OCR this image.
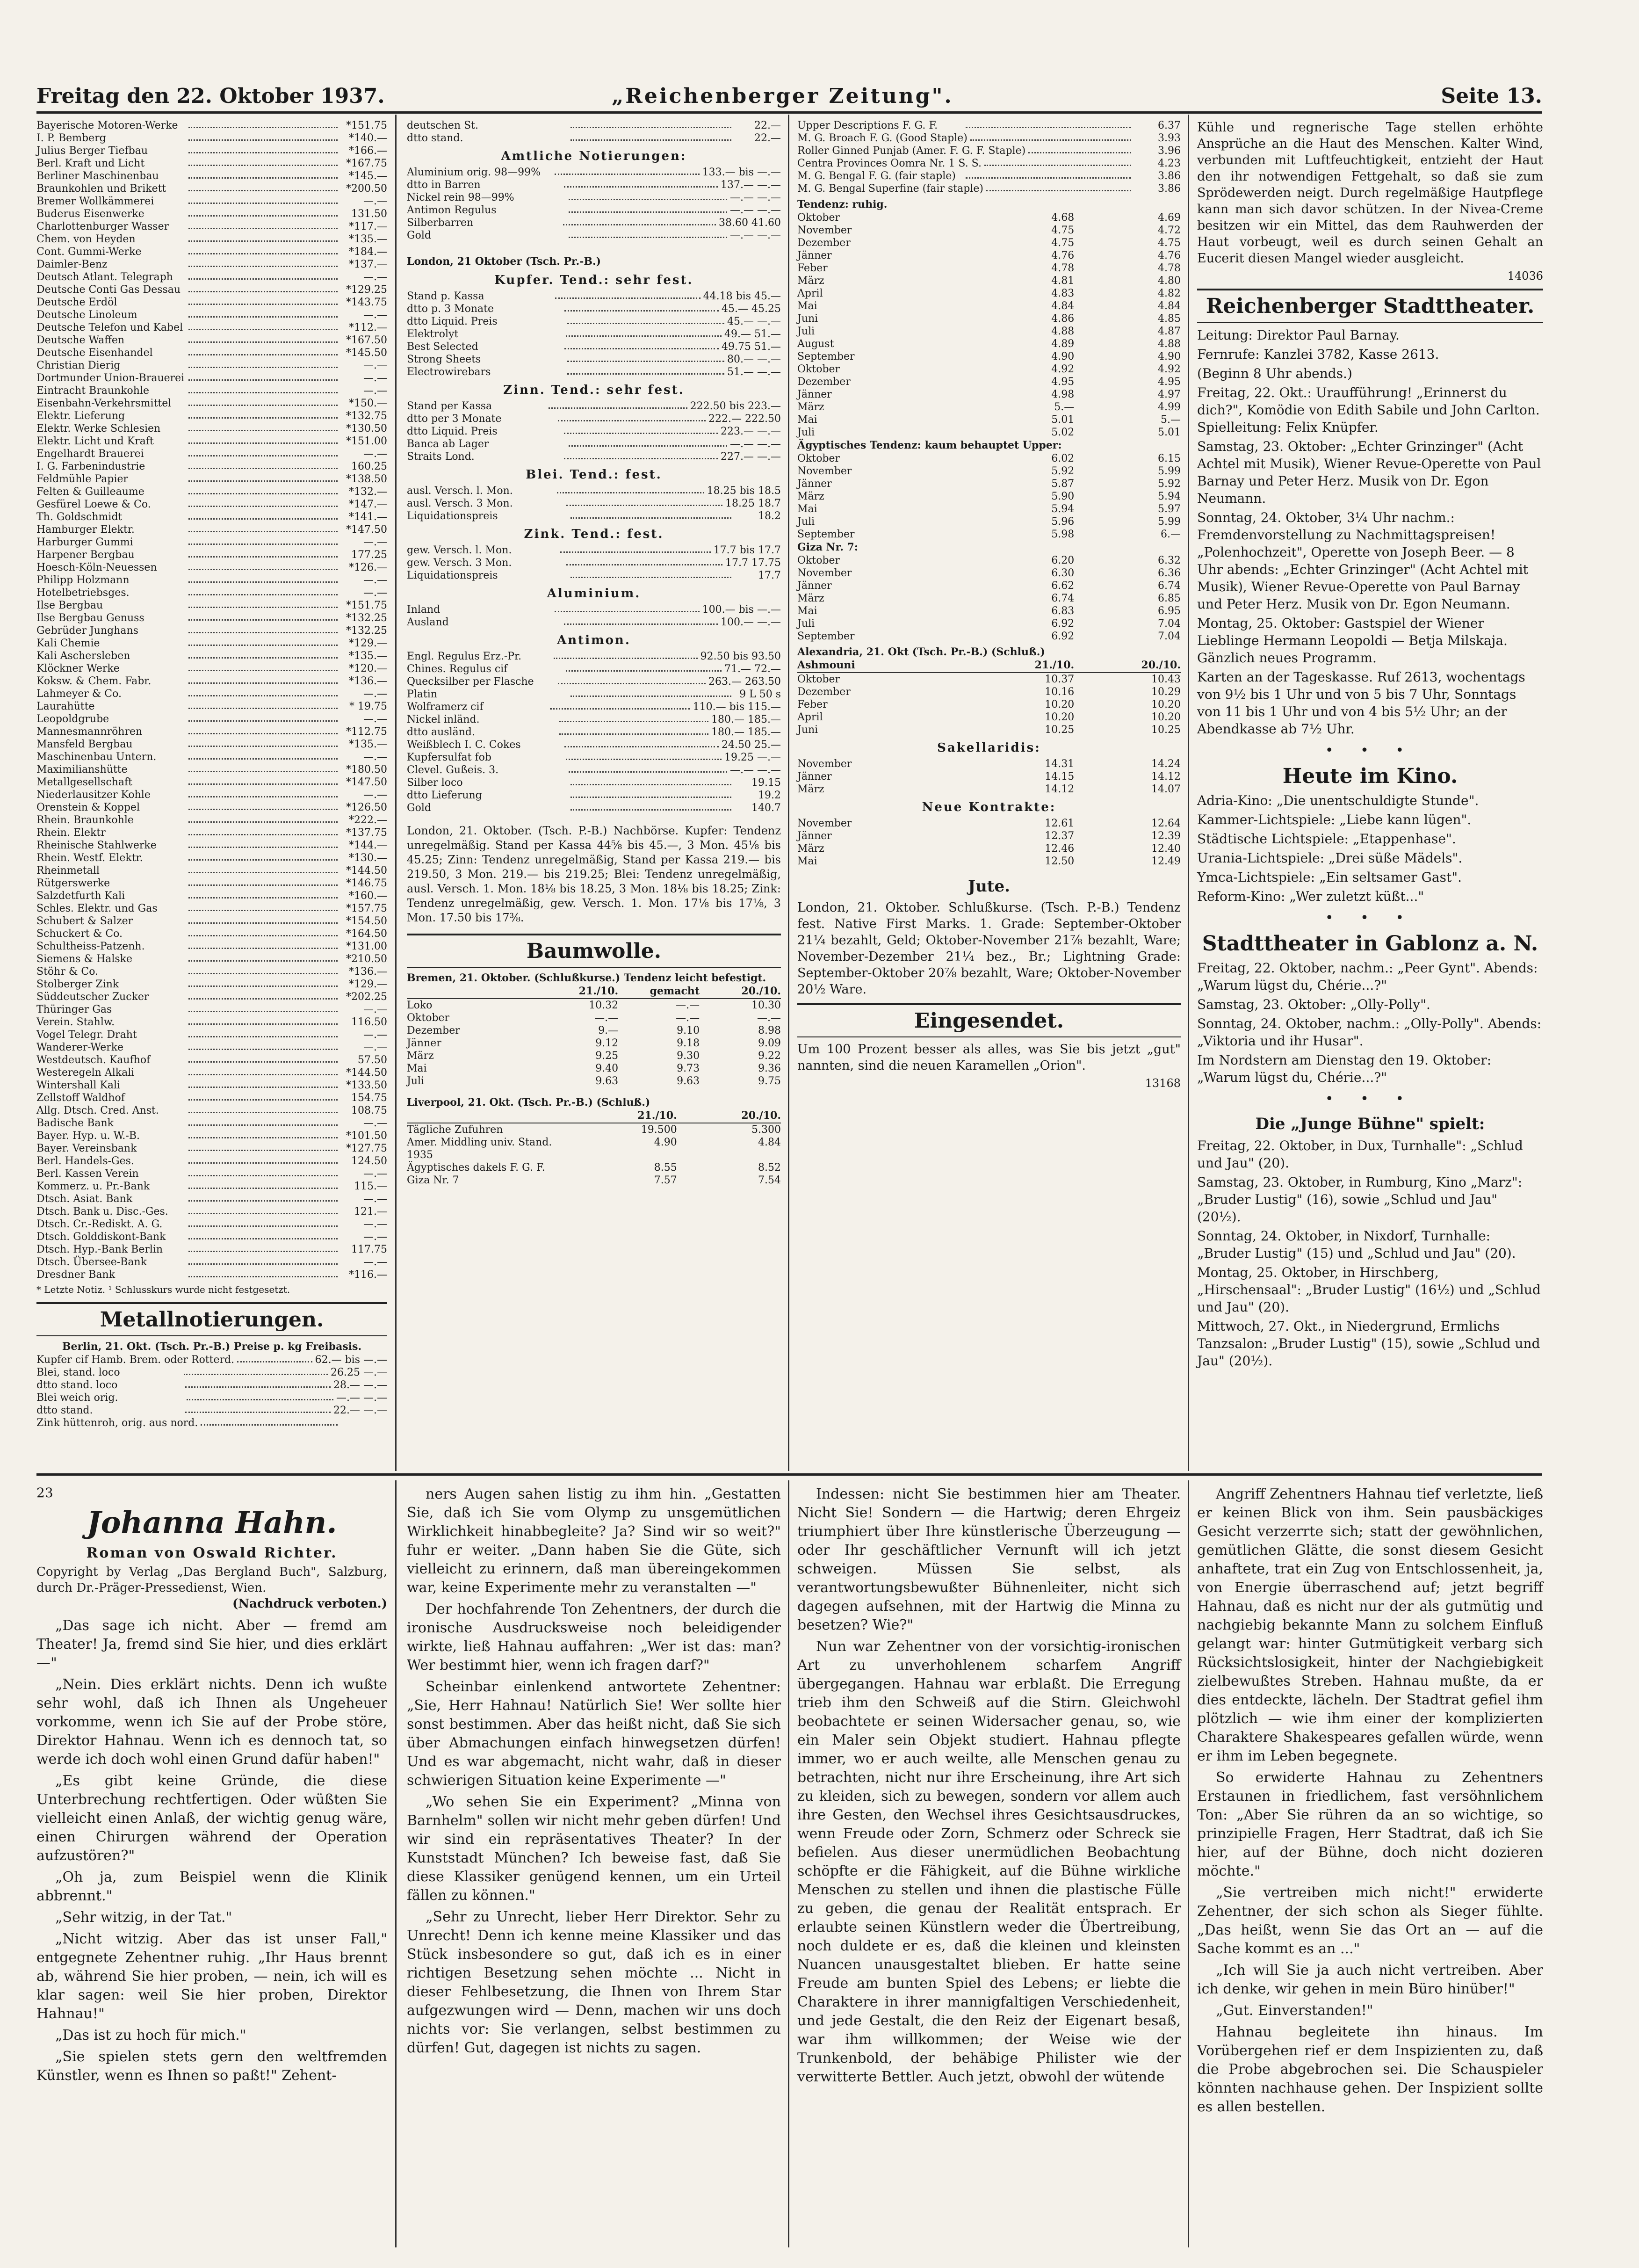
Freitag den 22. Oktober 1937.	„Reichenberger Zeitung".	Seite 13.
Bayerische Motoren-Werke	*151.75
I. P. Bemberg	*140.—
Julius Berger Tiefbau	*166.—
Berl. Kraft und Licht	*167.75
Berliner Maschinenbau	*145.—
Braunkohlen und Brikett	*200.50
Bremer Wollkämmerei	—.—
Buderus Eisenwerke	131.50
Charlottenburger Wasser	*117.—
Chem. von Heyden	*135.—
Cont. Gummi-Werke	*184.—
Daimler-Benz	*137.—
Deutsch Atlant. Telegraph	—.—
Deutsche Conti Gas Dessau	*129.25
Deutsche Erdöl	*143.75
Deutsche Linoleum	—.—
Deutsche Telefon und Kabel	*112.—
Deutsche Waffen	*167.50
Deutsche Eisenhandel	*145.50
Christian Dierig	—.—
Dortmunder Union-Brauerei	—.—
Eintracht Braunkohle	—.—
Eisenbahn-Verkehrsmittel	*150.—
Elektr. Lieferung	*132.75
Elektr. Werke Schlesien	*130.50
Elektr. Licht und Kraft	*151.00
Engelhardt Brauerei	—.—
I. G. Farbenindustrie	160.25
Feldmühle Papier	*138.50
Felten & Guilleaume	*132.—
Gesfürel Loewe & Co.	*147.—
Th. Goldschmidt	*141.—
Hamburger Elektr.	*147.50
Harburger Gummi	—.—
Harpener Bergbau	177.25
Hoesch-Köln-Neuessen	*126.—
Philipp Holzmann	—.—
Hotelbetriebsges.	—.—
Ilse Bergbau	*151.75
Ilse Bergbau Genuss	*132.25
Gebrüder Junghans	*132.25
Kali Chemie	*129.—
Kali Aschersleben	*135.—
Klöckner Werke	*120.—
Koksw. & Chem. Fabr.	*136.—
Lahmeyer & Co.	—.—
Laurahütte	* 19.75
Leopoldgrube	—.—
Mannesmannröhren	*112.75
Mansfeld Bergbau	*135.—
Maschinenbau Untern.	—.—
Maximilianshütte	*180.50
Metallgesellschaft	*147.50
Niederlausitzer Kohle	—.—
Orenstein & Koppel	*126.50
Rhein. Braunkohle	*222.—
Rhein. Elektr	*137.75
Rheinische Stahlwerke	*144.—
Rhein. Westf. Elektr.	*130.—
Rheinmetall	*144.50
Rütgerswerke	*146.75
Salzdetfurth Kali	*160.—
Schles. Elektr. und Gas	*157.75
Schubert & Salzer	*154.50
Schuckert & Co.	*164.50
Schultheiss-Patzenh.	*131.00
Siemens & Halske	*210.50
Stöhr & Co.	*136.—
Stolberger Zink	*129.—
Süddeutscher Zucker	*202.25
Thüringer Gas	—.—
Verein. Stahlw.	116.50
Vogel Telegr. Draht	—.—
Wanderer-Werke	—.—
Westdeutsch. Kaufhof	57.50
Westeregeln Alkali	*144.50
Wintershall Kali	*133.50
Zellstoff Waldhof	154.75
Allg. Dtsch. Cred. Anst.	108.75
Badische Bank	—.—
Bayer. Hyp. u. W.-B.	*101.50
Bayer. Vereinsbank	*127.75
Berl. Handels-Ges.	124.50
Berl. Kassen Verein	—.—
Kommerz. u. Pr.-Bank	115.—
Dtsch. Asiat. Bank	—.—
Dtsch. Bank u. Disc.-Ges.	121.—
Dtsch. Cr.-Rediskt. A. G.	—.—
Dtsch. Golddiskont-Bank	—.—
Dtsch. Hyp.-Bank Berlin	117.75
Dtsch. Übersee-Bank	—.—
Dresdner Bank	*116.—
* Letzte Notiz. ¹ Schlusskurs wurde nicht festgesetzt.
Metallnotierungen.
Berlin, 21. Okt. (Tsch. Pr.-B.) Preise p. kg Freibasis.
Kupfer cif Hamb. Brem. oder Rotterd.	62.— bis —.—
Blei, stand. loco	26.25 —.—
dtto stand. loco	28.— —.—
Blei weich orig.	—.— —.—
dtto stand.	22.— —.—
Zink hüttenroh, orig. aus nord.
deutschen St.	22.—
dtto stand.	22.—
Amtliche Notierungen:
Aluminium orig. 98—99%	133.— bis —.—
dtto in Barren	137.— —.—
Nickel rein 98—99%	—.— —.—
Antimon Regulus	—.— —.—
Silberbarren	38.60 41.60
Gold	—.— —.—
London, 21 Oktober (Tsch. Pr.-B.)
Kupfer. Tend.: sehr fest.
Stand p. Kassa	44.18 bis 45.—
dtto p. 3 Monate	45.— 45.25
dtto Liquid. Preis	45.— —.—
Elektrolyt	49.— 51.—
Best Selected	49.75 51.—
Strong Sheets	80.— —.—
Electrowirebars	51.— —.—
Zinn. Tend.: sehr fest.
Stand per Kassa	222.50 bis 223.—
dtto per 3 Monate	222.— 222.50
dtto Liquid. Preis	223.— —.—
Banca ab Lager	—.— —.—
Straits Lond.	227.— —.—
Blei. Tend.: fest.
ausl. Versch. l. Mon.	18.25 bis 18.5
ausl. Versch. 3 Mon.	18.25 18.7
Liquidationspreis	18.2
Zink. Tend.: fest.
gew. Versch. l. Mon.	17.7 bis 17.7
gew. Versch. 3 Mon.	17.7 17.75
Liquidationspreis	17.7
Aluminium.
Inland	100.— bis —.—
Ausland	100.— —.—
Antimon.
Engl. Regulus Erz.-Pr.	92.50 bis 93.50
Chines. Regulus cif	71.— 72.—
Quecksilber per Flasche	263.— 263.50
Platin	9 L 50 s
Wolframerz cif	110.— bis 115.—
Nickel inländ.	180.— 185.—
dtto ausländ.	180.— 185.—
Weißblech I. C. Cokes	24.50 25.—
Kupfersulfat fob	19.25 —.—
Clevel. Gußeis. 3.	—.— —.—
Silber loco	19.15
dtto Lieferung	19.2
Gold	140.7
London, 21. Oktober. (Tsch. P.-B.) Nachbörse. Kupfer: Tendenz unregelmäßig. Stand per Kassa 44⅝ bis 45.—, 3 Mon. 45⅛ bis 45.25; Zinn: Tendenz unregelmäßig, Stand per Kassa 219.— bis 219.50, 3 Mon. 219.— bis 219.25; Blei: Tendenz unregelmäßig, ausl. Versch. 1. Mon. 18⅛ bis 18.25, 3 Mon. 18⅛ bis 18.25; Zink: Tendenz unregelmäßig, gew. Versch. 1. Mon. 17⅛ bis 17⅛, 3 Mon. 17.50 bis 17⅜.
Baumwolle.
Bremen, 21. Oktober. (Schlußkurse.) Tendenz leicht befestigt.
21./10.	gemacht	20./10.
Loko	10.32	—.—	10.30
Oktober	—.—	—.—	—.—
Dezember	9.—	9.10	8.98
Jänner	9.12	9.18	9.09
März	9.25	9.30	9.22
Mai	9.40	9.73	9.36
Juli	9.63	9.63	9.75
Liverpool, 21. Okt. (Tsch. Pr.-B.) (Schluß.)
21./10.	20./10.
Tägliche Zufuhren	19.500	5.300
Amer. Middling univ. Stand. 1935
4.90	4.84
Ägyptisches dakels F. G. F.	8.55	8.52
Giza Nr. 7	7.57	7.54
Upper Descriptions F. G. F.	6.37
M. G. Broach F. G. (Good Staple)	3.93
Roller Ginned Punjab (Amer. F. G. F. Staple)	3.96
Centra Provinces Oomra Nr. 1 S. S.	4.23
M. G. Bengal F. G. (fair staple)	3.86
M. G. Bengal Superfine (fair staple)	3.86
Tendenz: ruhig.
Oktober	4.68	4.69
November	4.75	4.72
Dezember	4.75	4.75
Jänner	4.76	4.76
Feber	4.78	4.78
März	4.81	4.80
April	4.83	4.82
Mai	4.84	4.84
Juni	4.86	4.85
Juli	4.88	4.87
August	4.89	4.88
September	4.90	4.90
Oktober	4.92	4.92
Dezember	4.95	4.95
Jänner	4.98	4.97
März	5.—	4.99
Mai	5.01	5.—
Juli	5.02	5.01
Ägyptisches Tendenz: kaum behauptet Upper:
Oktober	6.02	6.15
November	5.92	5.99
Jänner	5.87	5.92
März	5.90	5.94
Mai	5.94	5.97
Juli	5.96	5.99
September	5.98	6.—
Giza Nr. 7:
Oktober	6.20	6.32
November	6.30	6.36
Jänner	6.62	6.74
März	6.74	6.85
Mai	6.83	6.95
Juli	6.92	7.04
September	6.92	7.04
Alexandria, 21. Okt (Tsch. Pr.-B.) (Schluß.)
Ashmouni	21./10.	20./10.
Oktober	10.37	10.43
Dezember	10.16	10.29
Feber	10.20	10.20
April	10.20	10.20
Juni	10.25	10.25
Sakellaridis:
November	14.31	14.24
Jänner	14.15	14.12
März	14.12	14.07
Neue Kontrakte:
November	12.61	12.64
Jänner	12.37	12.39
März	12.46	12.40
Mai	12.50	12.49
Jute.
London, 21. Oktober. Schlußkurse. (Tsch. P.-B.) Tendenz fest. Native First Marks. 1. Grade: September-Oktober 21¼ bezahlt, Geld; Oktober-November 21⅞ bezahlt, Ware; November-Dezember 21¼ bez., Br.; Lightning Grade: September-Oktober 20⅞ bezahlt, Ware; Oktober-November 20½ Ware.
Eingesendet.
Um 100 Prozent besser als alles, was Sie bis jetzt „gut" nannten, sind die neuen Karamellen „Orion".
13168
Kühle und regnerische Tage stellen erhöhte Ansprüche an die Haut des Menschen. Kalter Wind, verbunden mit Luftfeuchtigkeit, entzieht der Haut den ihr notwendigen Fettgehalt, so daß sie zum Sprödewerden neigt. Durch regelmäßige Hautpflege kann man sich davor schützen. In der Nivea-Creme besitzen wir ein Mittel, das dem Rauhwerden der Haut vorbeugt, weil es durch seinen Gehalt an Eucerit diesen Mangel wieder ausgleicht.
14036
Reichenberger Stadttheater.

Leitung: Direktor Paul Barnay.

Fernrufe: Kanzlei 3782, Kasse 2613.

(Beginn 8 Uhr abends.)

Freitag, 22. Okt.: Uraufführung! „Erinnerst du dich?", Komödie von Edith Sabile und John Carlton. Spielleitung: Felix Knüpfer.

Samstag, 23. Oktober: „Echter Grinzinger" (Acht Achtel mit Musik), Wiener Revue-Operette von Paul Barnay und Peter Herz. Musik von Dr. Egon Neumann.

Sonntag, 24. Oktober, 3¼ Uhr nachm.: Fremdenvorstellung zu Nachmittagspreisen! „Polenhochzeit", Operette von Joseph Beer. — 8 Uhr abends: „Echter Grinzinger" (Acht Achtel mit Musik), Wiener Revue-Operette von Paul Barnay und Peter Herz. Musik von Dr. Egon Neumann.

Montag, 25. Oktober: Gastspiel der Wiener Lieblinge Hermann Leopoldi — Betja Milskaja. Gänzlich neues Programm.

Karten an der Tageskasse. Ruf 2613, wochentags von 9½ bis 1 Uhr und von 5 bis 7 Uhr, Sonntags von 11 bis 1 Uhr und von 4 bis 5½ Uhr; an der Abendkasse ab 7½ Uhr.

• • •
Heute im Kino.

Adria-Kino: „Die unentschuldigte Stunde".

Kammer-Lichtspiele: „Liebe kann lügen".

Städtische Lichtspiele: „Etappenhase".

Urania-Lichtspiele: „Drei süße Mädels".

Ymca-Lichtspiele: „Ein seltsamer Gast".

Reform-Kino: „Wer zuletzt küßt..."

• • •
Stadttheater in Gablonz a. N.

Freitag, 22. Oktober, nachm.: „Peer Gynt". Abends: „Warum lügst du, Chérie...?"

Samstag, 23. Oktober: „Olly-Polly".

Sonntag, 24. Oktober, nachm.: „Olly-Polly". Abends: „Viktoria und ihr Husar".

Im Nordstern am Dienstag den 19. Oktober: „Warum lügst du, Chérie...?"

• • •
Die „Junge Bühne" spielt:

Freitag, 22. Oktober, in Dux, Turnhalle": „Schlud und Jau" (20).

Samstag, 23. Oktober, in Rumburg, Kino „Marz": „Bruder Lustig" (16), sowie „Schlud und Jau" (20½).

Sonntag, 24. Oktober, in Nixdorf, Turnhalle: „Bruder Lustig" (15) und „Schlud und Jau" (20).

Montag, 25. Oktober, in Hirschberg, „Hirschensaal": „Bruder Lustig" (16½) und „Schlud und Jau" (20).

Mittwoch, 27. Okt., in Niedergrund, Ermlichs Tanzsalon: „Bruder Lustig" (15), sowie „Schlud und Jau" (20½).

23
Johanna Hahn.
Roman von Oswald Richter.
Copyright by Verlag „Das Bergland Buch", Salzburg, durch Dr.-Präger-Pressedienst, Wien.
(Nachdruck verboten.)

„Das sage ich nicht. Aber — fremd am Theater! Ja, fremd sind Sie hier, und dies erklärt —"

„Nein. Dies erklärt nichts. Denn ich wußte sehr wohl, daß ich Ihnen als Ungeheuer vorkomme, wenn ich Sie auf der Probe störe, Direktor Hahnau. Wenn ich es dennoch tat, so werde ich doch wohl einen Grund dafür haben!"

„Es gibt keine Gründe, die diese Unterbrechung rechtfertigen. Oder wüßten Sie vielleicht einen Anlaß, der wichtig genug wäre, einen Chirurgen während der Operation aufzustören?"

„Oh ja, zum Beispiel wenn die Klinik abbrennt."

„Sehr witzig, in der Tat."

„Nicht witzig. Aber das ist unser Fall," entgegnete Zehentner ruhig. „Ihr Haus brennt ab, während Sie hier proben, — nein, ich will es klar sagen: weil Sie hier proben, Direktor Hahnau!"

„Das ist zu hoch für mich."

„Sie spielen stets gern den weltfremden Künstler, wenn es Ihnen so paßt!" Zehent-

ners Augen sahen listig zu ihm hin. „Gestatten Sie, daß ich Sie vom Olymp zu unsgemütlichen Wirklichkeit hinabbegleite? Ja? Sind wir so weit?" fuhr er weiter. „Dann haben Sie die Güte, sich vielleicht zu erinnern, daß man übereingekommen war, keine Experimente mehr zu veranstalten —"

Der hochfahrende Ton Zehentners, der durch die ironische Ausdrucksweise noch beleidigender wirkte, ließ Hahnau auffahren: „Wer ist das: man? Wer bestimmt hier, wenn ich fragen darf?"

Scheinbar einlenkend antwortete Zehentner: „Sie, Herr Hahnau! Natürlich Sie! Wer sollte hier sonst bestimmen. Aber das heißt nicht, daß Sie sich über Abmachungen einfach hinwegsetzen dürfen! Und es war abgemacht, nicht wahr, daß in dieser schwierigen Situation keine Experimente —"

„Wo sehen Sie ein Experiment? „Minna von Barnhelm" sollen wir nicht mehr geben dürfen! Und wir sind ein repräsentatives Theater? In der Kunststadt München? Ich beweise fast, daß Sie diese Klassiker genügend kennen, um ein Urteil fällen zu können."

„Sehr zu Unrecht, lieber Herr Direktor. Sehr zu Unrecht! Denn ich kenne meine Klassiker und das Stück insbesondere so gut, daß ich es in einer richtigen Besetzung sehen möchte ... Nicht in dieser Fehlbesetzung, die Ihnen von Ihrem Star aufgezwungen wird — Denn, machen wir uns doch nichts vor: Sie verlangen, selbst bestimmen zu dürfen! Gut, dagegen ist nichts zu sagen.

Indessen: nicht Sie bestimmen hier am Theater. Nicht Sie! Sondern — die Hartwig; deren Ehrgeiz triumphiert über Ihre künstlerische Überzeugung — oder Ihr geschäftlicher Vernunft will ich jetzt schweigen. Müssen Sie selbst, als verantwortungsbewußter Bühnenleiter, nicht sich dagegen aufsehnen, mit der Hartwig die Minna zu besetzen? Wie?"

Nun war Zehentner von der vorsichtig-ironischen Art zu unverhohlenem scharfem Angriff übergegangen. Hahnau war erblaßt. Die Erregung trieb ihm den Schweiß auf die Stirn. Gleichwohl beobachtete er seinen Widersacher genau, so, wie ein Maler sein Objekt studiert. Hahnau pflegte immer, wo er auch weilte, alle Menschen genau zu betrachten, nicht nur ihre Erscheinung, ihre Art sich zu kleiden, sich zu bewegen, sondern vor allem auch ihre Gesten, den Wechsel ihres Gesichtsausdruckes, wenn Freude oder Zorn, Schmerz oder Schreck sie befielen. Aus dieser unermüdlichen Beobachtung schöpfte er die Fähigkeit, auf die Bühne wirkliche Menschen zu stellen und ihnen die plastische Fülle zu geben, die genau der Realität entsprach. Er erlaubte seinen Künstlern weder die Übertreibung, noch duldete er es, daß die kleinen und kleinsten Nuancen unausgestaltet blieben. Er hatte seine Freude am bunten Spiel des Lebens; er liebte die Charaktere in ihrer mannigfaltigen Verschiedenheit, und jede Gestalt, die den Reiz der Eigenart besaß, war ihm willkommen; der Weise wie der Trunkenbold, der behäbige Philister wie der verwitterte Bettler. Auch jetzt, obwohl der wütende

Angriff Zehentners Hahnau tief verletzte, ließ er keinen Blick von ihm. Sein pausbäckiges Gesicht verzerrte sich; statt der gewöhnlichen, gemütlichen Glätte, die sonst diesem Gesicht anhaftete, trat ein Zug von Entschlossenheit, ja, von Energie überraschend auf; jetzt begriff Hahnau, daß es nicht nur der als gutmütig und nachgiebig bekannte Mann zu solchem Einfluß gelangt war: hinter Gutmütigkeit verbarg sich Rücksichtslosigkeit, hinter der Nachgiebigkeit zielbewußtes Streben. Hahnau mußte, da er dies entdeckte, lächeln. Der Stadtrat gefiel ihm plötzlich — wie ihm einer der komplizierten Charaktere Shakespeares gefallen würde, wenn er ihm im Leben begegnete.

So erwiderte Hahnau zu Zehentners Erstaunen in friedlichem, fast versöhnlichem Ton: „Aber Sie rühren da an so wichtige, so prinzipielle Fragen, Herr Stadtrat, daß ich Sie hier, auf der Bühne, doch nicht dozieren möchte."

„Sie vertreiben mich nicht!" erwiderte Zehentner, der sich schon als Sieger fühlte. „Das heißt, wenn Sie das Ort an — auf die Sache kommt es an ..."

„Ich will Sie ja auch nicht vertreiben. Aber ich denke, wir gehen in mein Büro hinüber!"

„Gut. Einverstanden!"

Hahnau begleitete ihn hinaus. Im Vorübergehen rief er dem Inspizienten zu, daß die Probe abgebrochen sei. Die Schauspieler könnten nachhause gehen. Der Inspizient sollte es allen bestellen.
